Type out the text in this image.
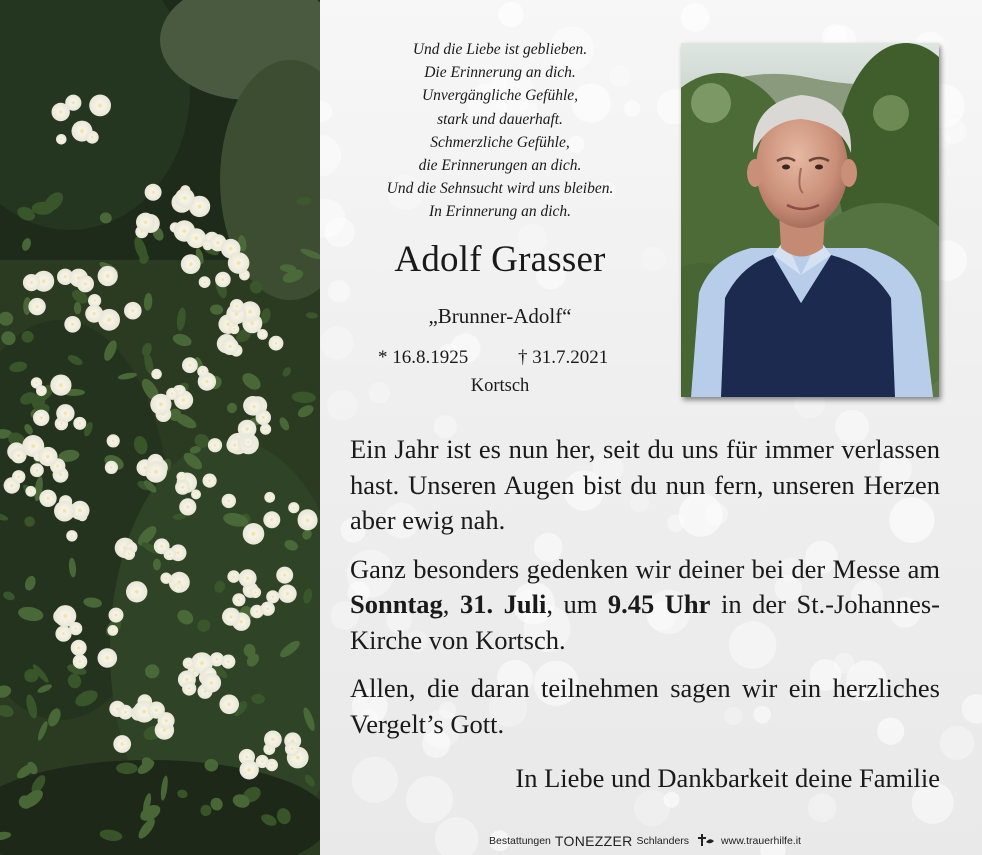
Und die Liebe ist geblieben.
Die Erinnerung an dich.
Unvergängliche Gefühle,
stark und dauerhaft.
Schmerzliche Gefühle,
die Erinnerungen an dich.
Und die Sehnsucht wird uns bleiben.
In Erinnerung an dich.
Adolf Grasser
„Brunner-Adolf“
* 16.8.1925	† 31.7.2021
Kortsch

Ein Jahr ist es nun her, seit du uns für immer verlassen hast. Unseren Augen bist du nun fern, unseren Herzen aber ewig nah.

Ganz besonders gedenken wir deiner bei der Messe am Sonntag, 31. Juli, um 9.45 Uhr in der St.-Johannes-Kirche von Kortsch.

Allen, die daran teilnehmen sagen wir ein herzliches Vergelt’s Gott.

In Liebe und Dankbarkeit deine Familie
Bestattungen TONEZZER Schlanders	www.trauerhilfe.it
